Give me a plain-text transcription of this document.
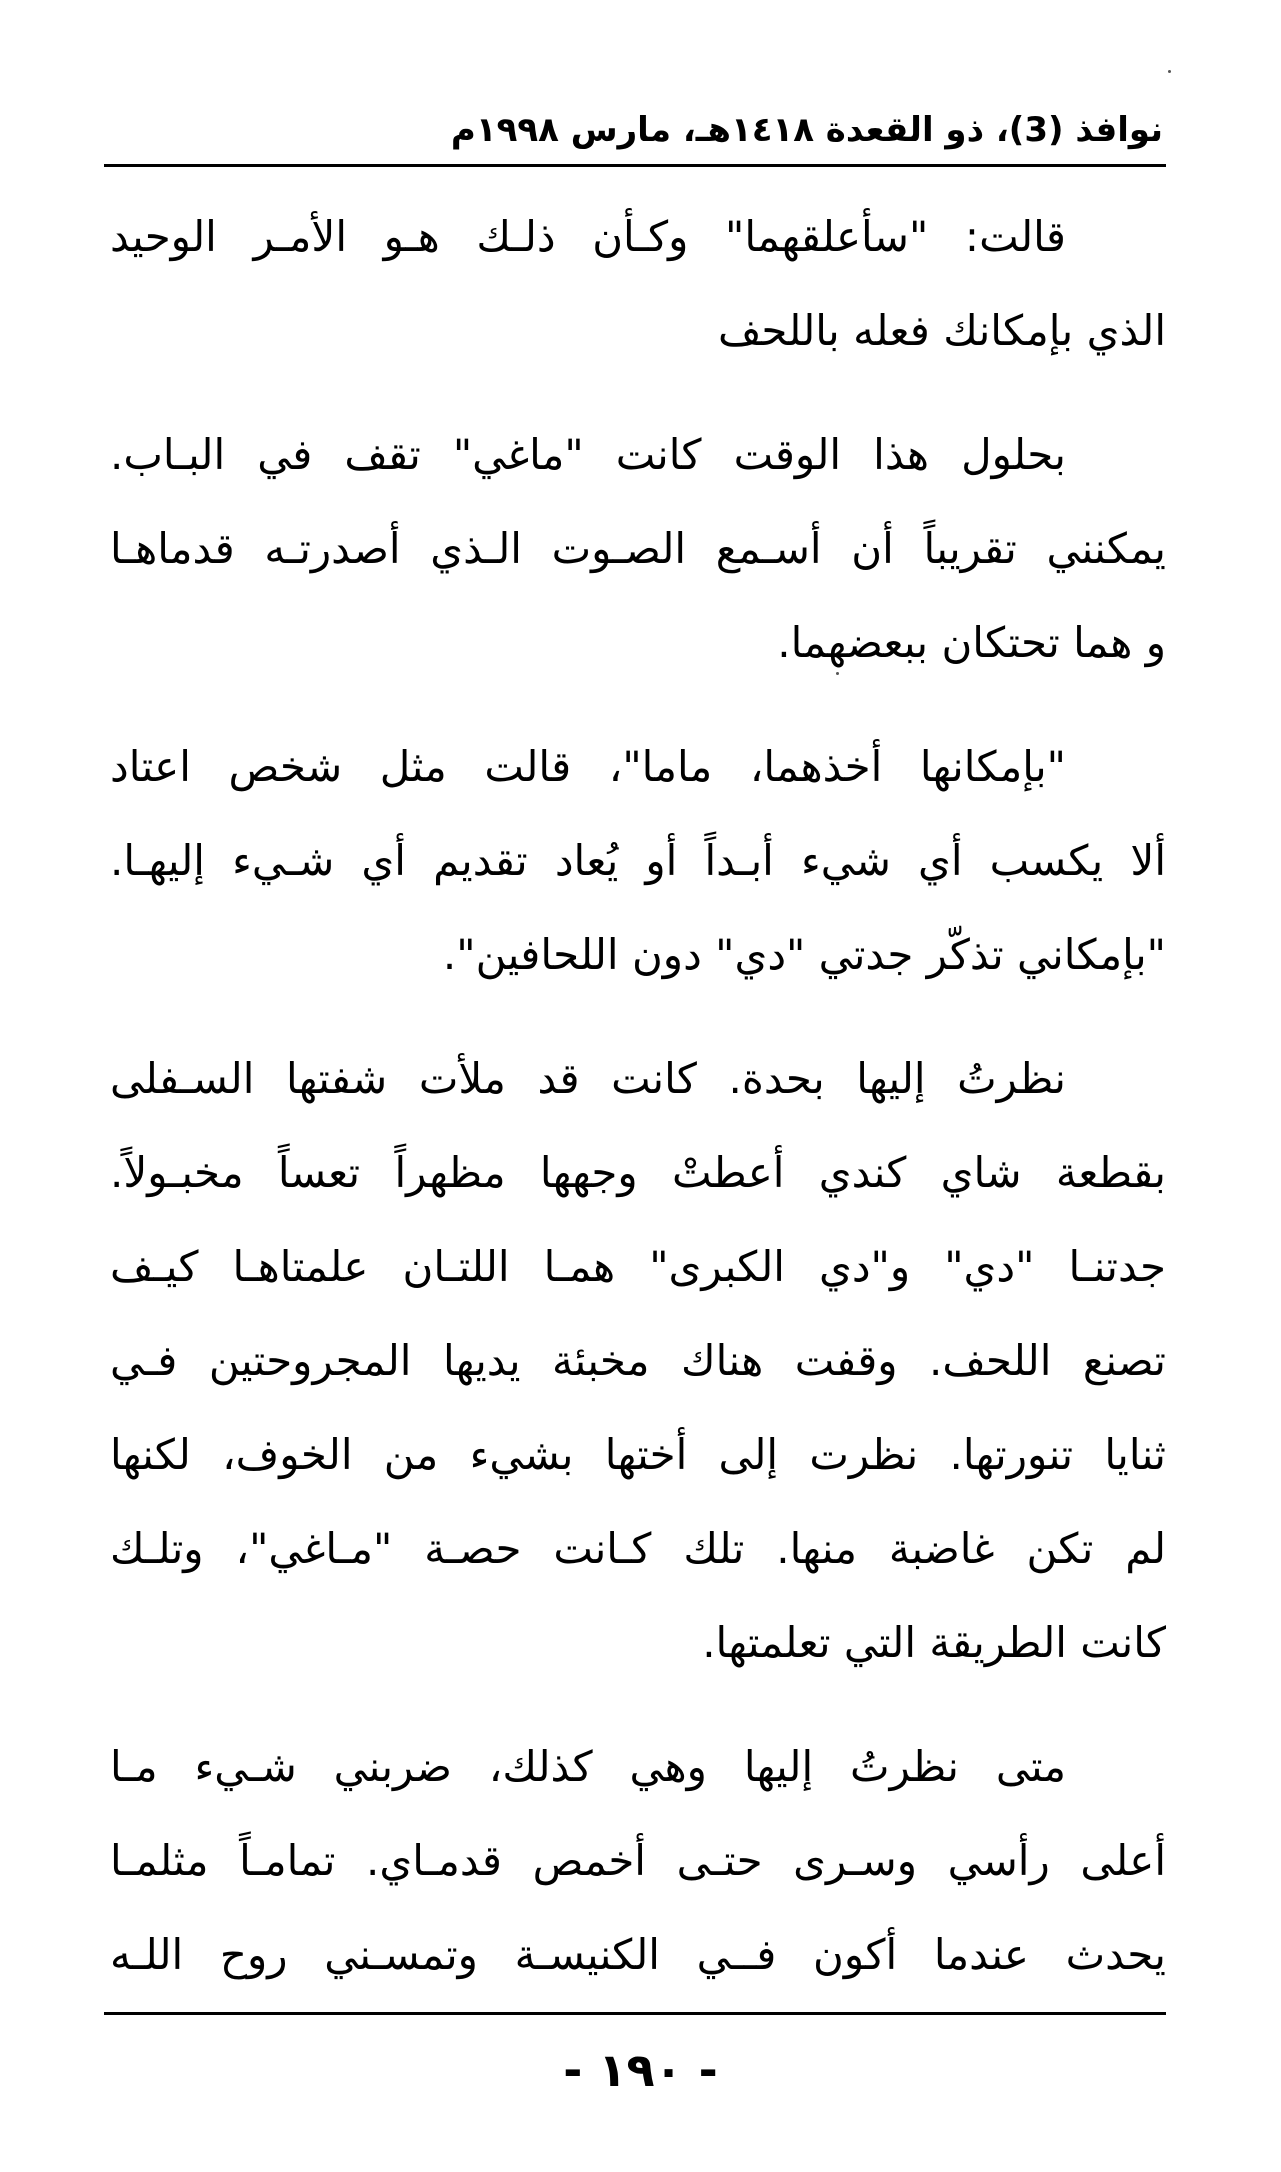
نوافذ (3)، ذو القعدة ١٤١٨هـ، مارس ١٩٩٨م
قالت: "سأعلقهما" وكـأن ذلـك هـو الأمـر الوحيد
الذي بإمكانك فعله باللحف
بحلول هذا الوقت كانت "ماغي" تقف في البـاب.
يمكنني تقريباً أن أسـمع الصـوت الـذي أصدرتـه قدماهـا
و هما تحتكان ببعضهما.
"بإمكانها أخذهما، ماما"، قالت مثل شخص اعتاد
ألا يكسب أي شيء أبـداً أو يُعاد تقديم أي شـيء إليهـا.
"بإمكاني تذكّر جدتي "دي" دون اللحافين".
نظرتُ إليها بحدة. كانت قد ملأت شفتها السـفلى
بقطعة شاي كندي أعطتْ وجهها مظهراً تعساً مخبـولاً.
جدتنـا "دي" و"دي الكبرى" همـا اللتـان علمتاهـا كيـف
تصنع اللحف. وقفت هناك مخبئة يديها المجروحتين فـي
ثنايا تنورتها. نظرت إلى أختها بشيء من الخوف، لكنها
لم تكن غاضبة منها. تلك كـانت حصـة "مـاغي"، وتلـك
كانت الطريقة التي تعلمتها.
متى نظرتُ إليها وهي كذلك، ضربني شـيء مـا
أعلى رأسي وسـرى حتـى أخمص قدمـاي. تمامـاً مثلمـا
يحدث عندما أكون فــي الكنيسـة وتمسـني روح اللـه
- ١٩٠ -
